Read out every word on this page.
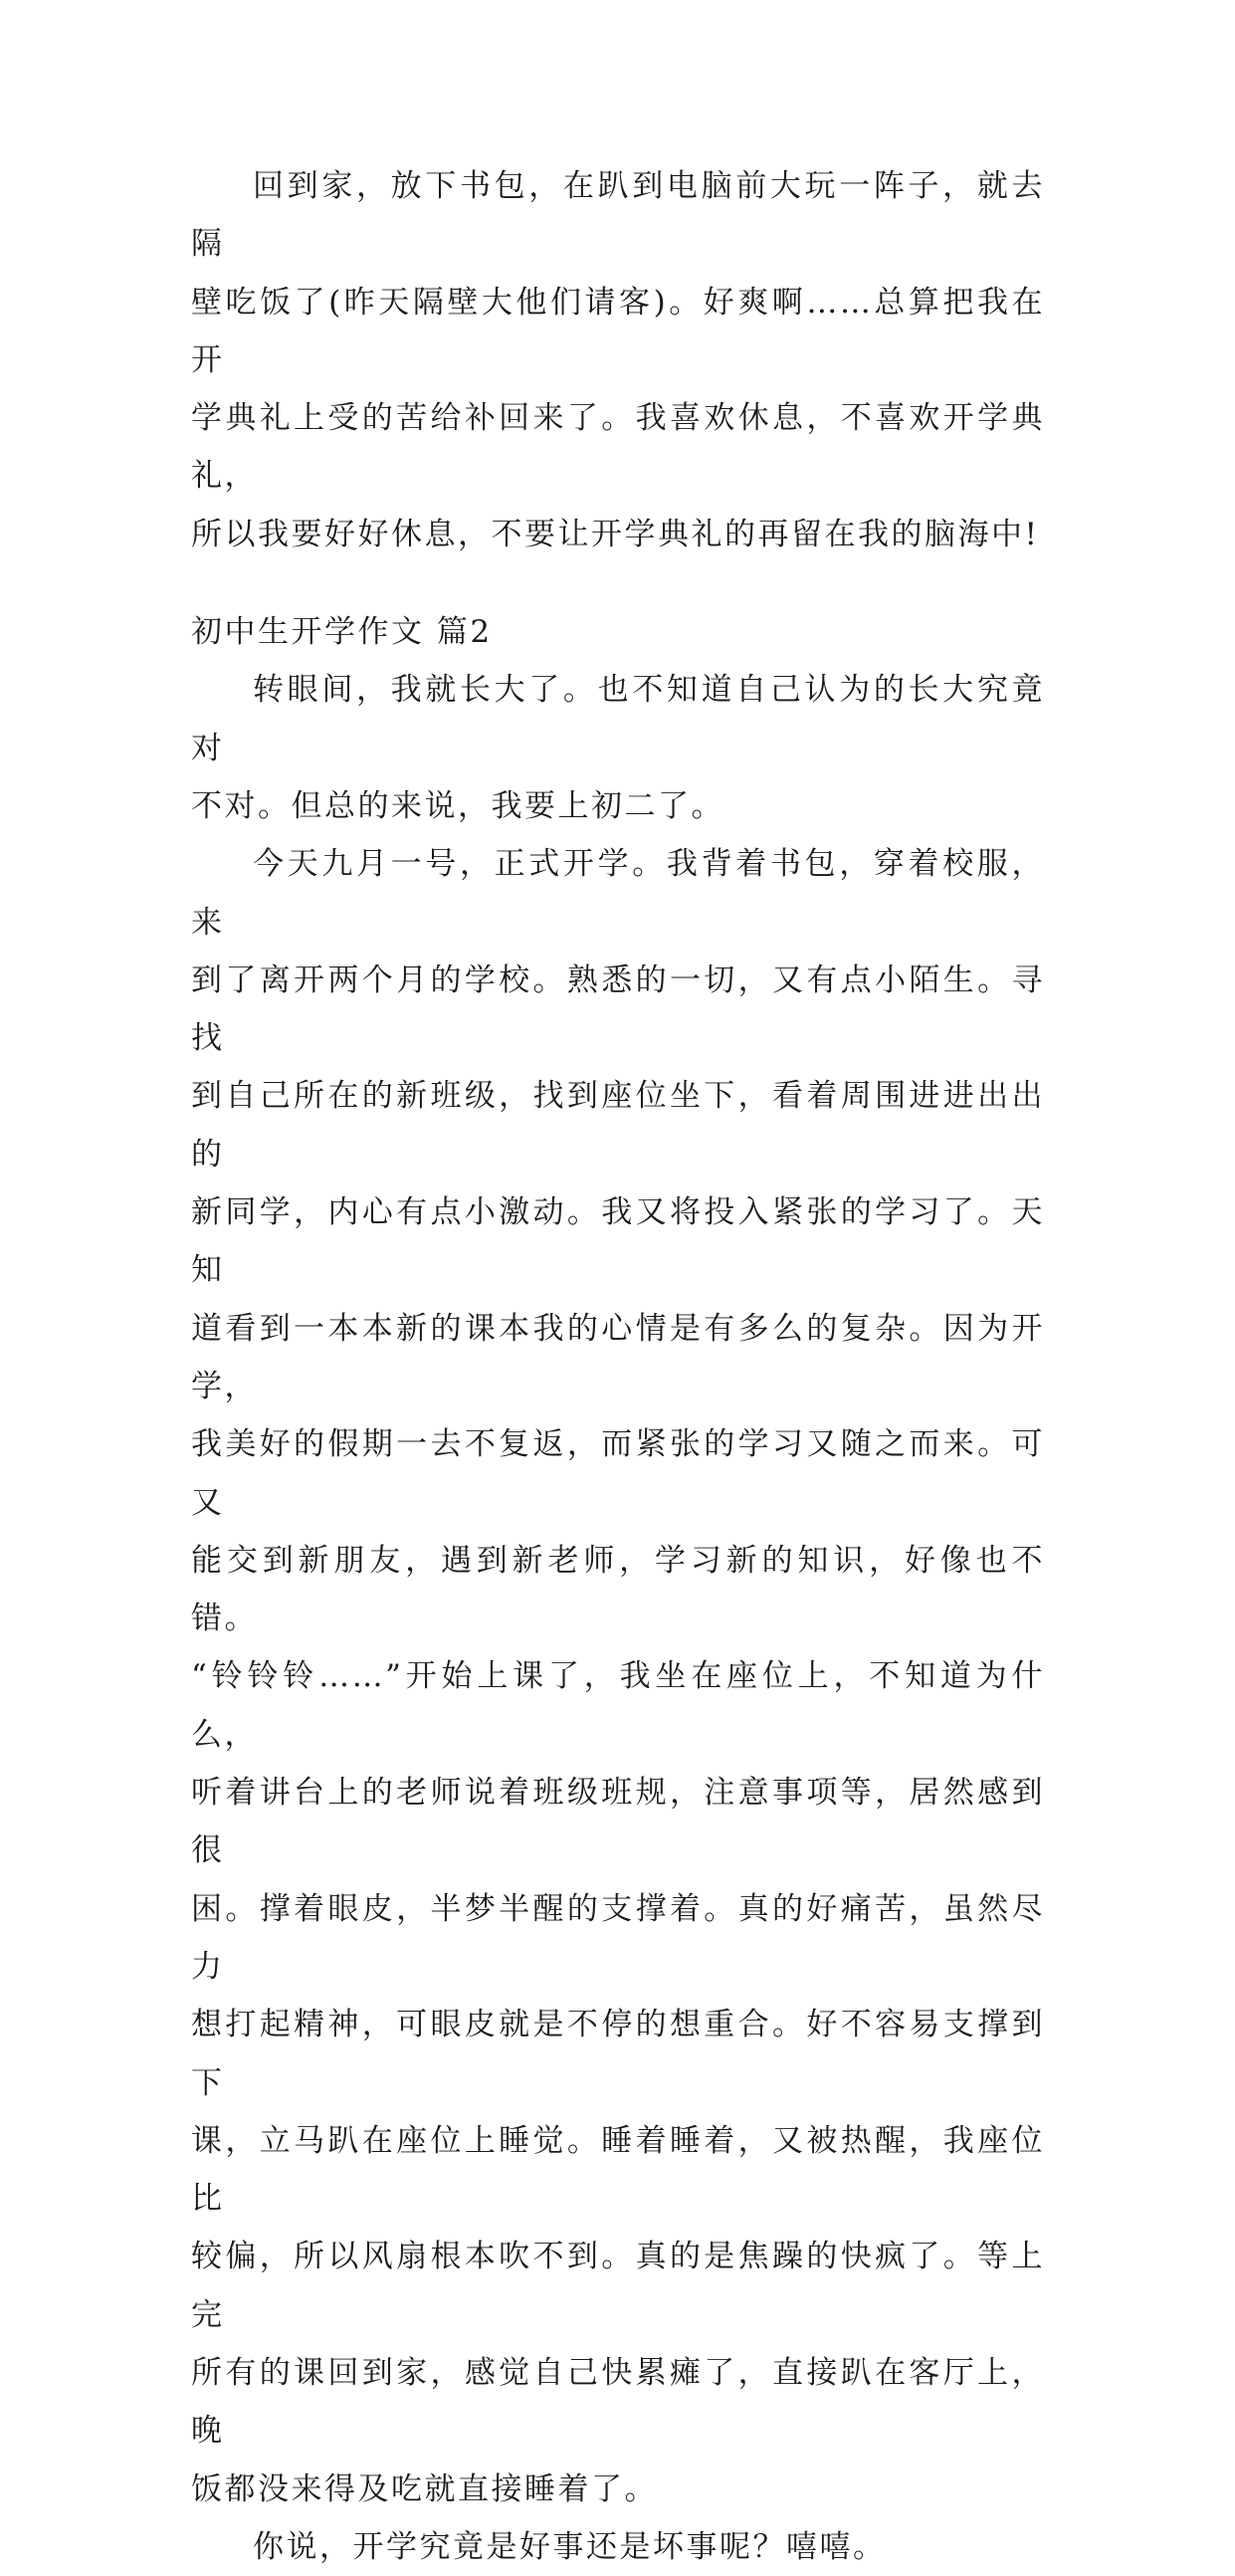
回到家，放下书包，在趴到电脑前大玩一阵子，就去隔
壁吃饭了(昨天隔壁大他们请客)。好爽啊……总算把我在开
学典礼上受的苦给补回来了。我喜欢休息，不喜欢开学典礼，
所以我要好好休息，不要让开学典礼的再留在我的脑海中!

初中生开学作文 篇2

转眼间，我就长大了。也不知道自己认为的长大究竟对
不对。但总的来说，我要上初二了。

今天九月一号，正式开学。我背着书包，穿着校服，来
到了离开两个月的学校。熟悉的一切，又有点小陌生。寻找
到自己所在的新班级，找到座位坐下，看着周围进进出出的
新同学，内心有点小激动。我又将投入紧张的学习了。天知
道看到一本本新的课本我的心情是有多么的复杂。因为开学，
我美好的假期一去不复返，而紧张的学习又随之而来。可又
能交到新朋友，遇到新老师，学习新的知识，好像也不错。
“铃铃铃……”开始上课了，我坐在座位上，不知道为什么，
听着讲台上的老师说着班级班规，注意事项等，居然感到很
困。撑着眼皮，半梦半醒的支撑着。真的好痛苦，虽然尽力
想打起精神，可眼皮就是不停的想重合。好不容易支撑到下
课，立马趴在座位上睡觉。睡着睡着，又被热醒，我座位比
较偏，所以风扇根本吹不到。真的是焦躁的快疯了。等上完
所有的课回到家，感觉自己快累瘫了，直接趴在客厅上，晚
饭都没来得及吃就直接睡着了。

你说，开学究竟是好事还是坏事呢？嘻嘻。
